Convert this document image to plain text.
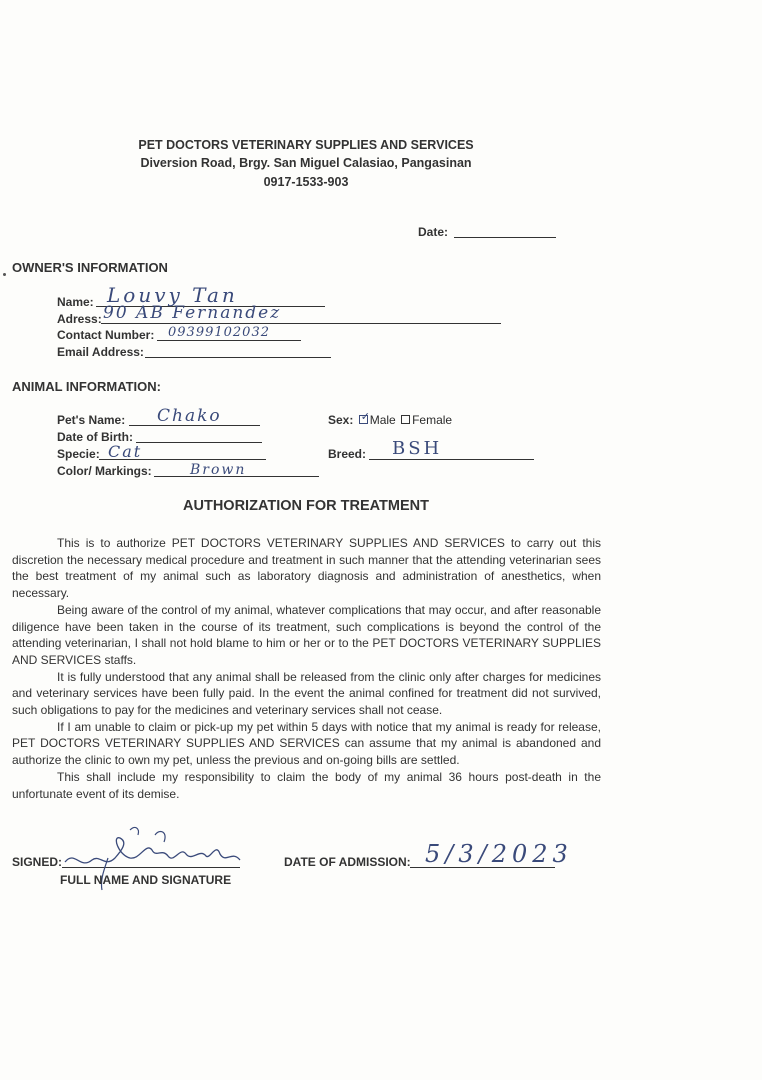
PET DOCTORS VETERINARY SUPPLIES AND SERVICES
Diversion Road, Brgy. San Miguel Calasiao, Pangasinan
0917-1533-903
Date:
OWNER'S INFORMATION
Name: Louvy Tan
Adress: 90 AB Fernandez
Contact Number: 09399102032
Email Address:
ANIMAL INFORMATION:
Pet's Name: Chako
Date of Birth:
Specie: Cat
Color/ Markings:	Brown
Sex: ✓ Male Female
Breed: BSH
AUTHORIZATION FOR TREATMENT

This is to authorize PET DOCTORS VETERINARY SUPPLIES AND SERVICES to carry out this discretion the necessary medical procedure and treatment in such manner that the attending veterinarian sees the best treatment of my animal such as laboratory diagnosis and administration of anesthetics, when necessary.

Being aware of the control of my animal, whatever complications that may occur, and after reasonable diligence have been taken in the course of its treatment, such complications is beyond the control of the attending veterinarian, I shall not hold blame to him or her or to the PET DOCTORS VETERINARY SUPPLIES AND SERVICES staffs.

It is fully understood that any animal shall be released from the clinic only after charges for medicines and veterinary services have been fully paid. In the event the animal confined for treatment did not survived, such obligations to pay for the medicines and veterinary services shall not cease.

If I am unable to claim or pick-up my pet within 5 days with notice that my animal is ready for release, PET DOCTORS VETERINARY SUPPLIES AND SERVICES can assume that my animal is abandoned and authorize the clinic to own my pet, unless the previous and on-going bills are settled.

This shall include my responsibility to claim the body of my animal 36 hours post-death in the unfortunate event of its demise.

SIGNED:
FULL NAME AND SIGNATURE
DATE OF ADMISSION: 5/3/2023
